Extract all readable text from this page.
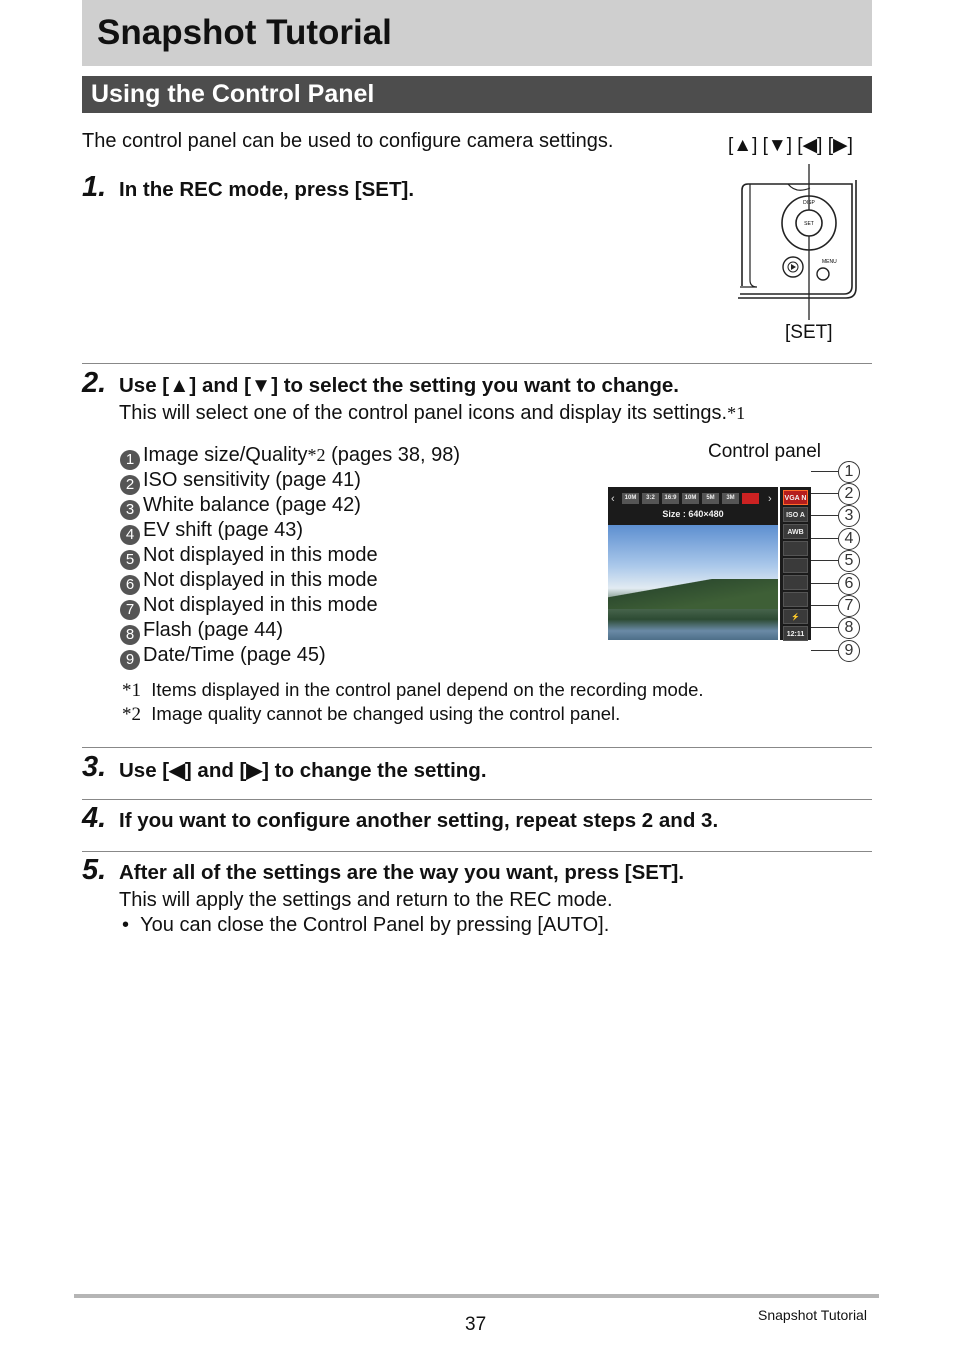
Snapshot Tutorial
Using the Control Panel
The control panel can be used to configure camera settings.	[▲] [▼] [◀] [▶]
DISP
SET
MENU
[SET]
1. In the REC mode, press [SET].
2. Use [▲] and [▼] to select the setting you want to change.
This will select one of the control panel icons and display its settings.*1
1 Image size/Quality*2 (pages 38, 98)
2 ISO sensitivity (page 41)
3 White balance (page 42)
4 EV shift (page 43)
5 Not displayed in this mode
6 Not displayed in this mode
7 Not displayed in this mode
8 Flash (page 44)
9 Date/Time (page 45)
Control panel
‹	›
10M	3:2	16:9	10M	5M	3M
Size : 640×480
VGA N
ISO A
AWB
⚡
12:11
1
2
3
4
5
6
7
8
9
*1 Items displayed in the control panel depend on the recording mode.
*2 Image quality cannot be changed using the control panel.
3. Use [◀] and [▶] to change the setting.
4. If you want to configure another setting, repeat steps 2 and 3.
5. After all of the settings are the way you want, press [SET].
This will apply the settings and return to the REC mode.
• You can close the Control Panel by pressing [AUTO].
37	Snapshot Tutorial
